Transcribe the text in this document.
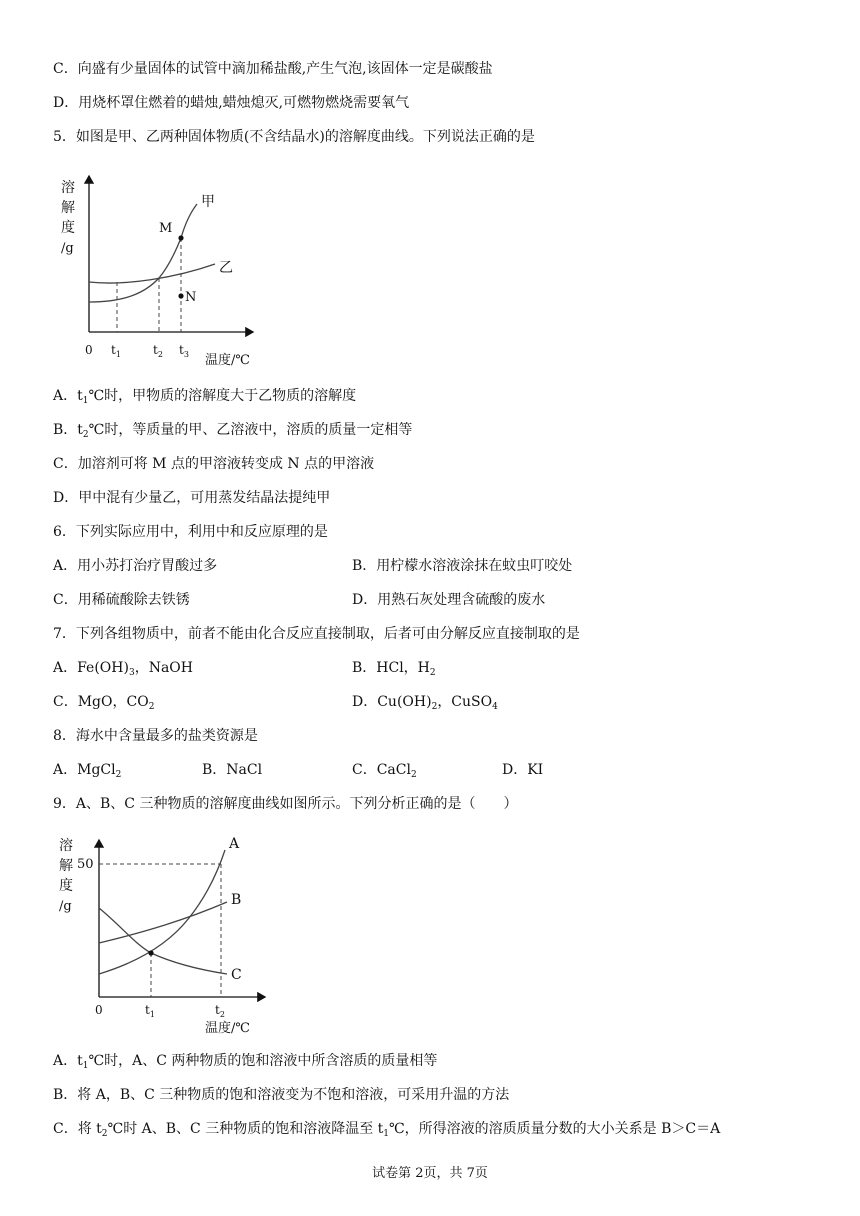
C．向盛有少量固体的试管中滴加稀盐酸,产生气泡,该固体一定是碳酸盐
D．用烧杯罩住燃着的蜡烛,蜡烛熄灭,可燃物燃烧需要氧气
5．如图是甲、乙两种固体物质(不含结晶水)的溶解度曲线。下列说法正确的是
溶
解
度
/g
M
N
甲
乙
0 $t_1$	$t_2$ $t_3$ 温度/℃
A．$t_1℃$时，甲物质的溶解度大于乙物质的溶解度
B．$t_2℃$时，等质量的甲、乙溶液中，溶质的质量一定相等
C．加溶剂可将 M 点的甲溶液转变成 N 点的甲溶液
D．甲中混有少量乙，可用蒸发结晶法提纯甲
6．下列实际应用中，利用中和反应原理的是
A．用小苏打治疗胃酸过多	B．用柠檬水溶液涂抹在蚊虫叮咬处
C．用稀硫酸除去铁锈	D．用熟石灰处理含硫酸的废水
7．下列各组物质中，前者不能由化合反应直接制取，后者可由分解反应直接制取的是
A．$Fe(OH)_3$，NaOH	B．HCl，$H_2$
C．MgO，$CO_2$	D．$Cu(OH)_2$，CuSO$_4$
8．海水中含量最多的盐类资源是
A．MgCl$_2$	B．NaCl	C．CaCl$_2$	D．KI
9．A、B、C 三种物质的溶解度曲线如图所示。下列分析正确的是（　　）
溶
解
度
/g
50
A
B
C
0	$t_1$	$t_2$
温度/℃
A．$t_1℃$时，A、C 两种物质的饱和溶液中所含溶质的质量相等
B．将 A，B、C 三种物质的饱和溶液变为不饱和溶液，可采用升温的方法
C．将 $t_2℃$时 A、B、C 三种物质的饱和溶液降温至 $t_1℃$，所得溶液的溶质质量分数的大小关系是 B＞C＝A
试卷第 2页，共 7页
